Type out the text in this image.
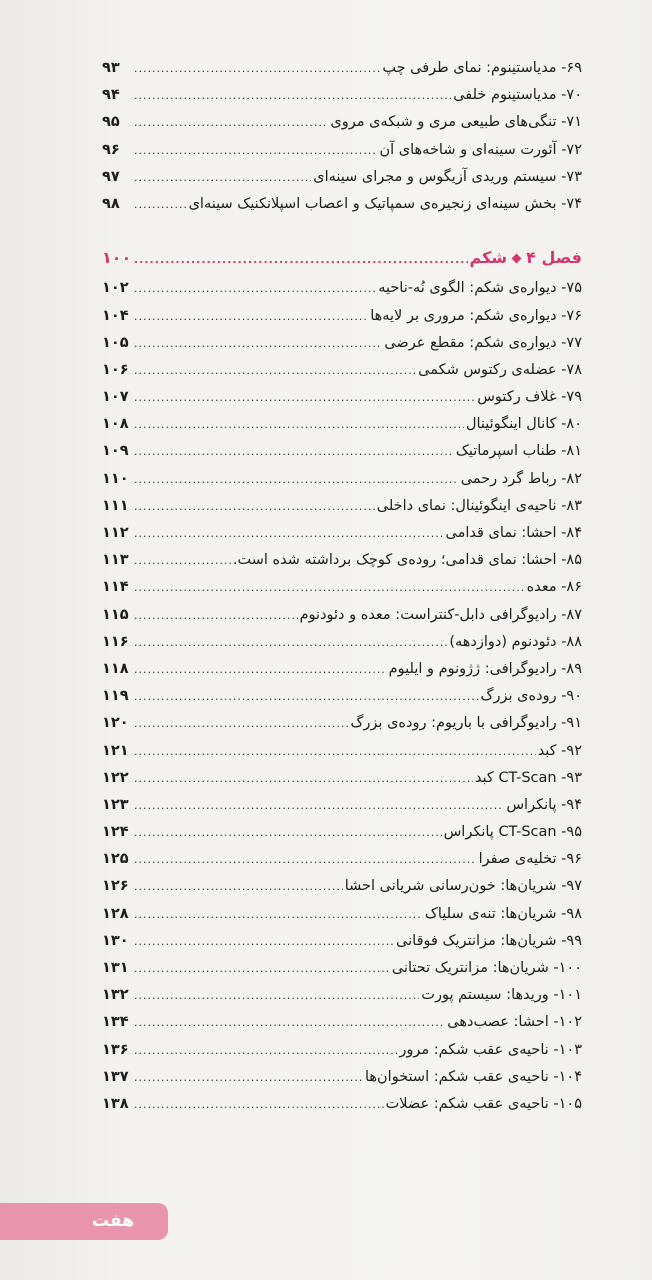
۶۹- مدیاستینوم: نمای طرفی چپ
.....
۹۳
۷۰- مدیاستینوم خلفی
.....
۹۴
۷۱- تنگی‌های طبیعی مری و شبکه‌ی مروی
.....
۹۵
۷۲- آئورت سینه‌ای و شاخه‌های آن
.....
۹۶
۷۳- سیستم وریدی آزیگوس و مجرای سینه‌ای
.....
۹۷
۷۴- بخش سینه‌ای زنجیره‌ی سمپاتیک و اعصاب اسپلانکنیک سینه‌ای
.....
۹۸
فصل ۴شکم
.....
۱۰۰
۷۵- دیواره‌ی شکم: الگوی نُه-ناحیه
.....
۱۰۲
۷۶- دیواره‌ی شکم: مروری بر لایه‌ها
.....
۱۰۴
۷۷- دیواره‌ی شکم: مقطع عرضی
.....
۱۰۵
۷۸- عضله‌ی رکتوس شکمی
.....
۱۰۶
۷۹- غلاف رکتوس
.....
۱۰۷
۸۰- کانال اینگوئینال
.....
۱۰۸
۸۱- طناب اسپرماتیک
.....
۱۰۹
۸۲- رباط گرد رحمی
.....
۱۱۰
۸۳- ناحیه‌ی اینگوئینال: نمای داخلی
.....
۱۱۱
۸۴- احشا: نمای قدامی
.....
۱۱۲
۸۵- احشا: نمای قدامی؛ روده‌ی کوچک برداشته شده است.
.....
۱۱۳
۸۶- معده
.....
۱۱۴
۸۷- رادیوگرافی دابل-کنتراست: معده و دئودنوم
.....
۱۱۵
۸۸- دئودنوم (دوازدهه)
.....
۱۱۶
۸۹- رادیوگرافی: ژژونوم و ایلیوم
.....
۱۱۸
۹۰- روده‌ی بزرگ
.....
۱۱۹
۹۱- رادیوگرافی با باریوم: روده‌ی بزرگ
.....
۱۲۰
۹۲- کبد
.....
۱۲۱
۹۳- CT-Scan کبد
.....
۱۲۲
۹۴- پانکراس
.....
۱۲۳
۹۵- CT-Scan پانکراس
.....
۱۲۴
۹۶- تخلیه‌ی صفرا
.....
۱۲۵
۹۷- شریان‌ها: خون‌رسانی شریانی احشا
.....
۱۲۶
۹۸- شریان‌ها: تنه‌ی سلیاک
.....
۱۲۸
۹۹- شریان‌ها: مزانتریک فوقانی
.....
۱۳۰
۱۰۰- شریان‌ها: مزانتریک تحتانی
.....
۱۳۱
۱۰۱- وریدها: سیستم پورت
.....
۱۳۲
۱۰۲- احشا: عصب‌دهی
.....
۱۳۴
۱۰۳- ناحیه‌ی عقب شکم: مرور
.....
۱۳۶
۱۰۴- ناحیه‌ی عقب شکم: استخوان‌ها
.....
۱۳۷
۱۰۵- ناحیه‌ی عقب شکم: عضلات
.....
۱۳۸
هفت
